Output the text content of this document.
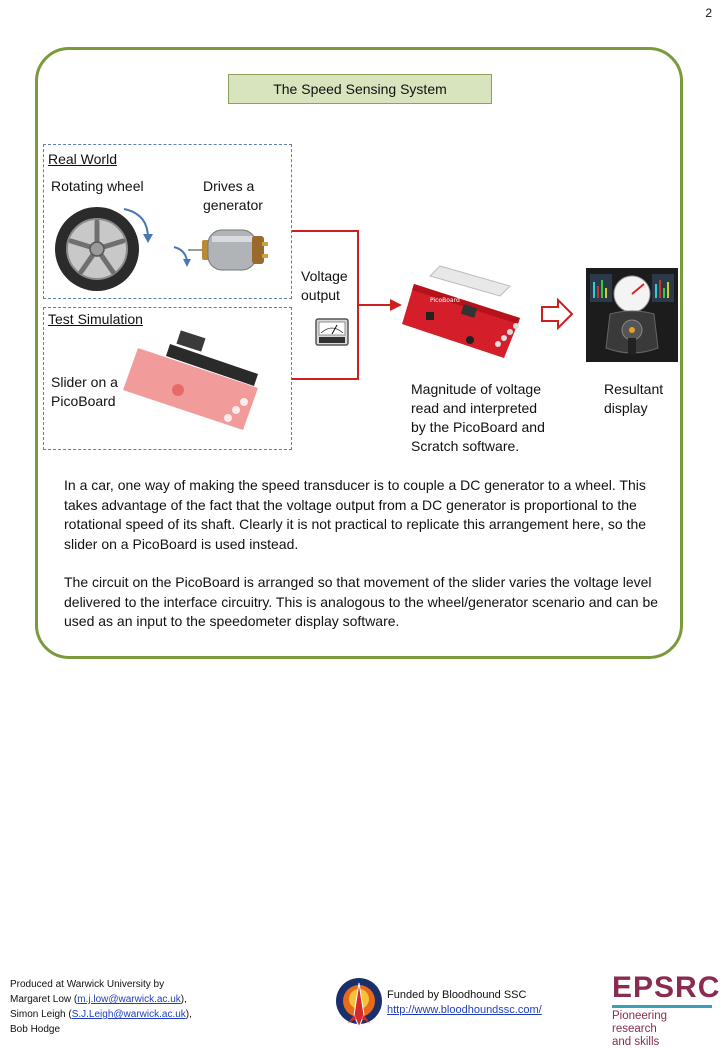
2
The Speed Sensing System
Real World
Rotating wheel	Drives a
generator
Test Simulation
Slider on a
PicoBoard
Voltage
output	PicoBoard
Magnitude of voltage
read and interpreted
by the PicoBoard and
Scratch software.
Resultant
display

In a car, one way of making the speed transducer is to couple a DC generator to a wheel. This takes advantage of the fact that the voltage output from a DC generator is proportional to the rotational speed of its shaft. Clearly it is not practical to replicate this arrangement here, so the slider on a PicoBoard is used instead.

The circuit on the PicoBoard is arranged so that movement of the slider varies the voltage level delivered to the interface circuitry. This is analogous to the wheel/generator scenario and can be used as an input to the speedometer display software.

Produced at Warwick University by
Margaret Low (m.j.low@warwick.ac.uk),
Simon Leigh (S.J.Leigh@warwick.ac.uk),
Bob Hodge
Funded by Bloodhound SSC
http://www.bloodhoundssc.com/
EPSRC
Pioneering research
and skills
